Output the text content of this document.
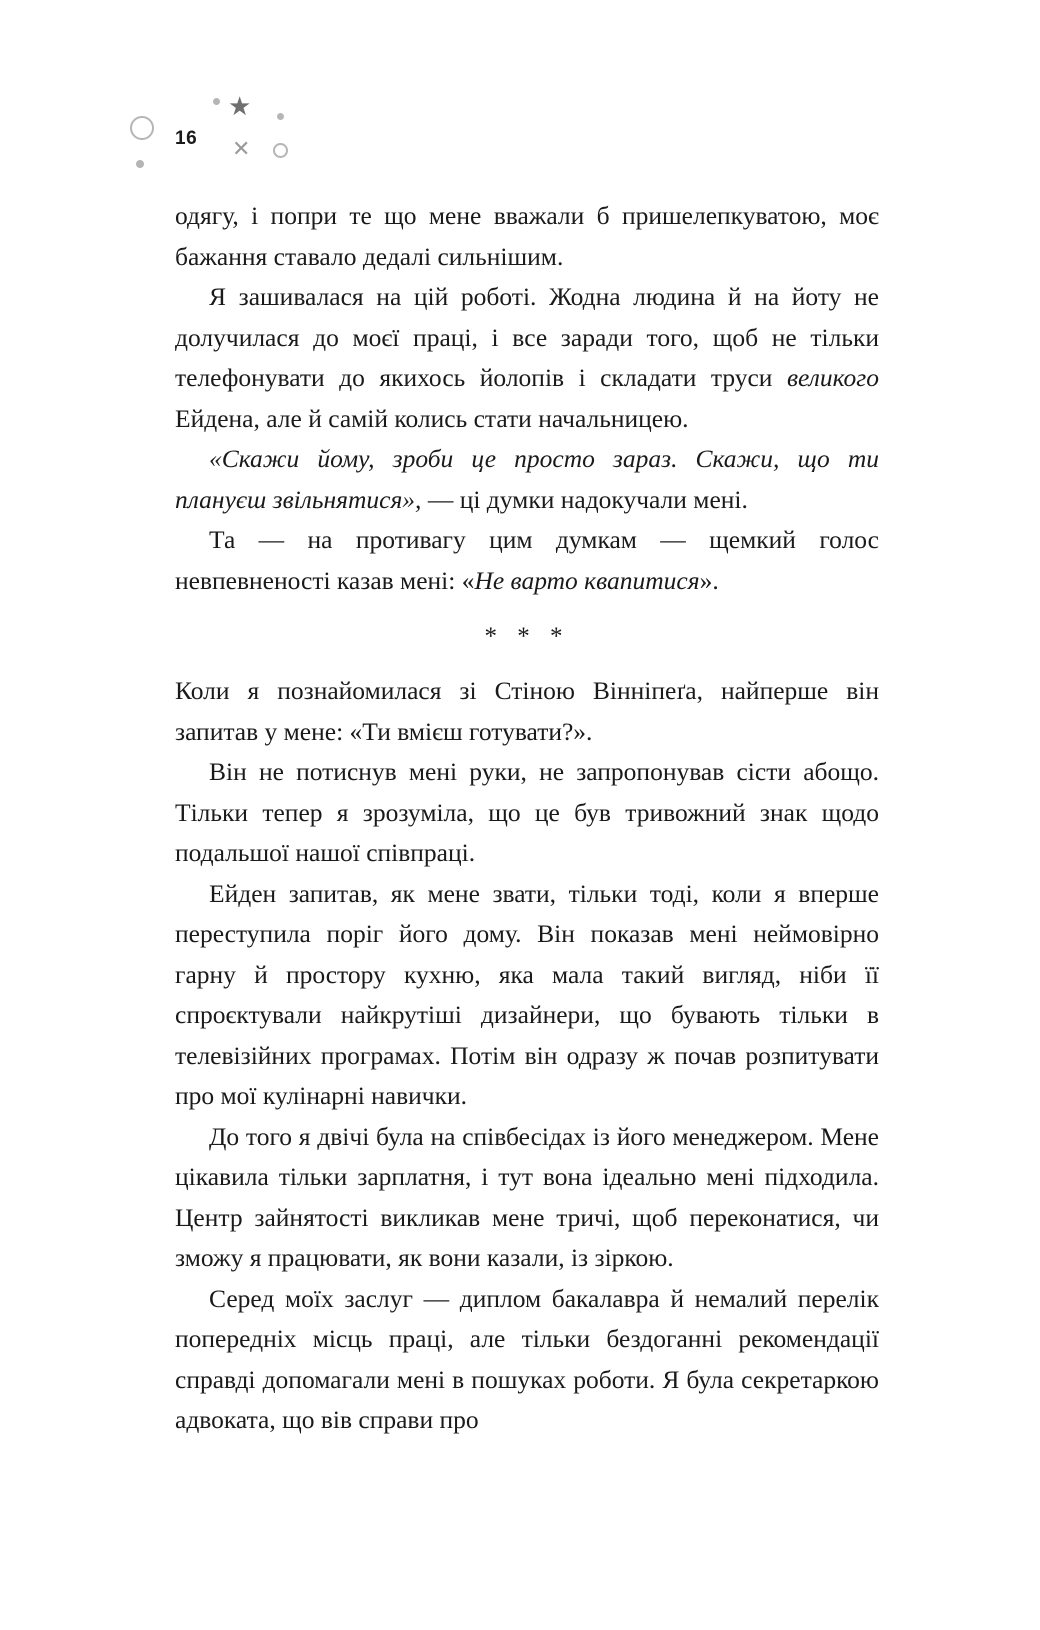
★
✕
16

одягу, і попри те що мене вважали б пришелепкуватою, моє бажання ставало дедалі сильнішим.

Я зашивалася на цій роботі. Жодна людина й на йоту не долучилася до моєї праці, і все заради того, щоб не тільки телефонувати до якихось йолопів і складати труси великого Ейдена, але й самій колись стати начальницею.

«Скажи йому, зроби це просто зараз. Скажи, що ти плануєш звільнятися», — ці думки надокучали мені.

Та — на противагу цим думкам — щемкий голос невпевненості казав мені: «Не варто квапитися».

* * *

Коли я познайомилася зі Стіною Вінніпеґа, найперше він запитав у мене: «Ти вмієш готувати?».

Він не потиснув мені руки, не запропонував сісти абощо. Тільки тепер я зрозуміла, що це був тривожний знак щодо подальшої нашої співпраці.

Ейден запитав, як мене звати, тільки тоді, коли я вперше переступила поріг його дому. Він показав мені неймовірно гарну й простору кухню, яка мала такий вигляд, ніби її спроєктували найкрутіші дизайнери, що бувають тільки в телевізійних програмах. Потім він одразу ж почав розпитувати про мої кулінарні навички.

До того я двічі була на співбесідах із його менеджером. Мене цікавила тільки зарплатня, і тут вона ідеально мені підходила. Центр зайнятості викликав мене тричі, щоб переконатися, чи зможу я працювати, як вони казали, із зіркою.

Серед моїх заслуг — диплом бакалавра й немалий перелік попередніх місць праці, але тільки бездоганні рекомендації справді допомагали мені в пошуках роботи. Я була секретаркою адвоката, що вів справи про
